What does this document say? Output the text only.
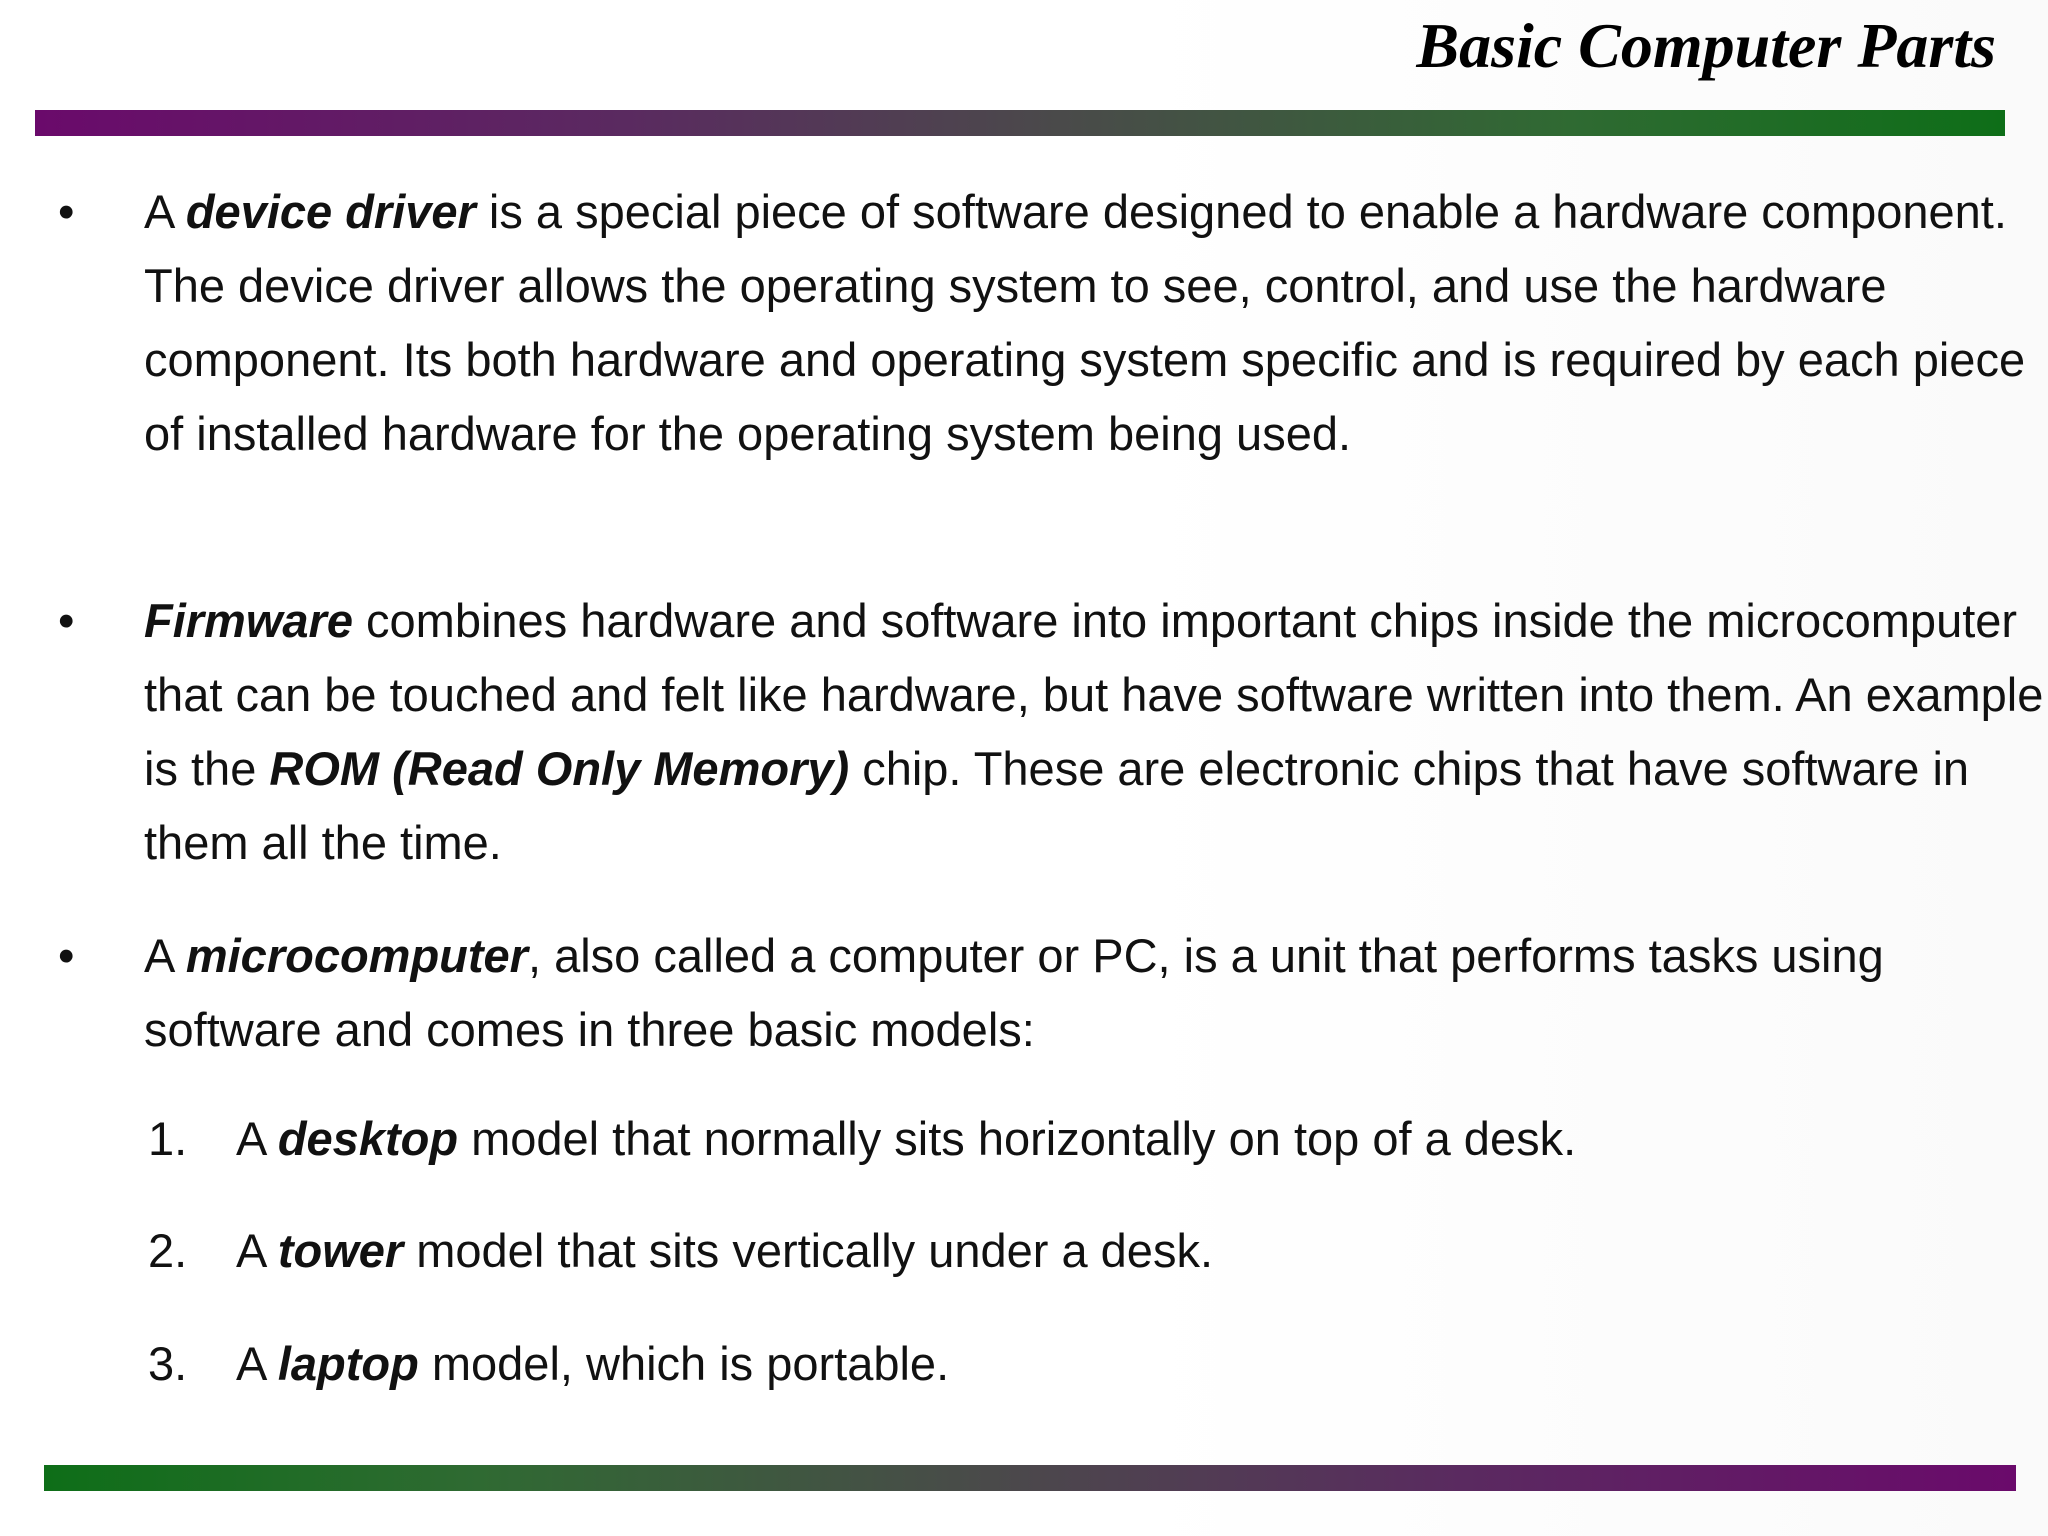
Basic Computer Parts
• A device driver is a special piece of software designed to enable a hardware component. The device driver allows the operating system to see, control, and use the hardware component. Its both hardware and operating system specific and is required by each piece of installed hardware for the operating system being used.

• Firmware combines hardware and software into important chips inside the microcomputer that can be touched and felt like hardware, but have software written into them. An example is the ROM (Read Only Memory) chip. These are electronic chips that have software in them all the time.

• A microcomputer, also called a computer or PC, is a unit that performs tasks using software and comes in three basic models:

1. A desktop model that normally sits horizontally on top of a desk.
2. A tower model that sits vertically under a desk.
3. A laptop model, which is portable.
